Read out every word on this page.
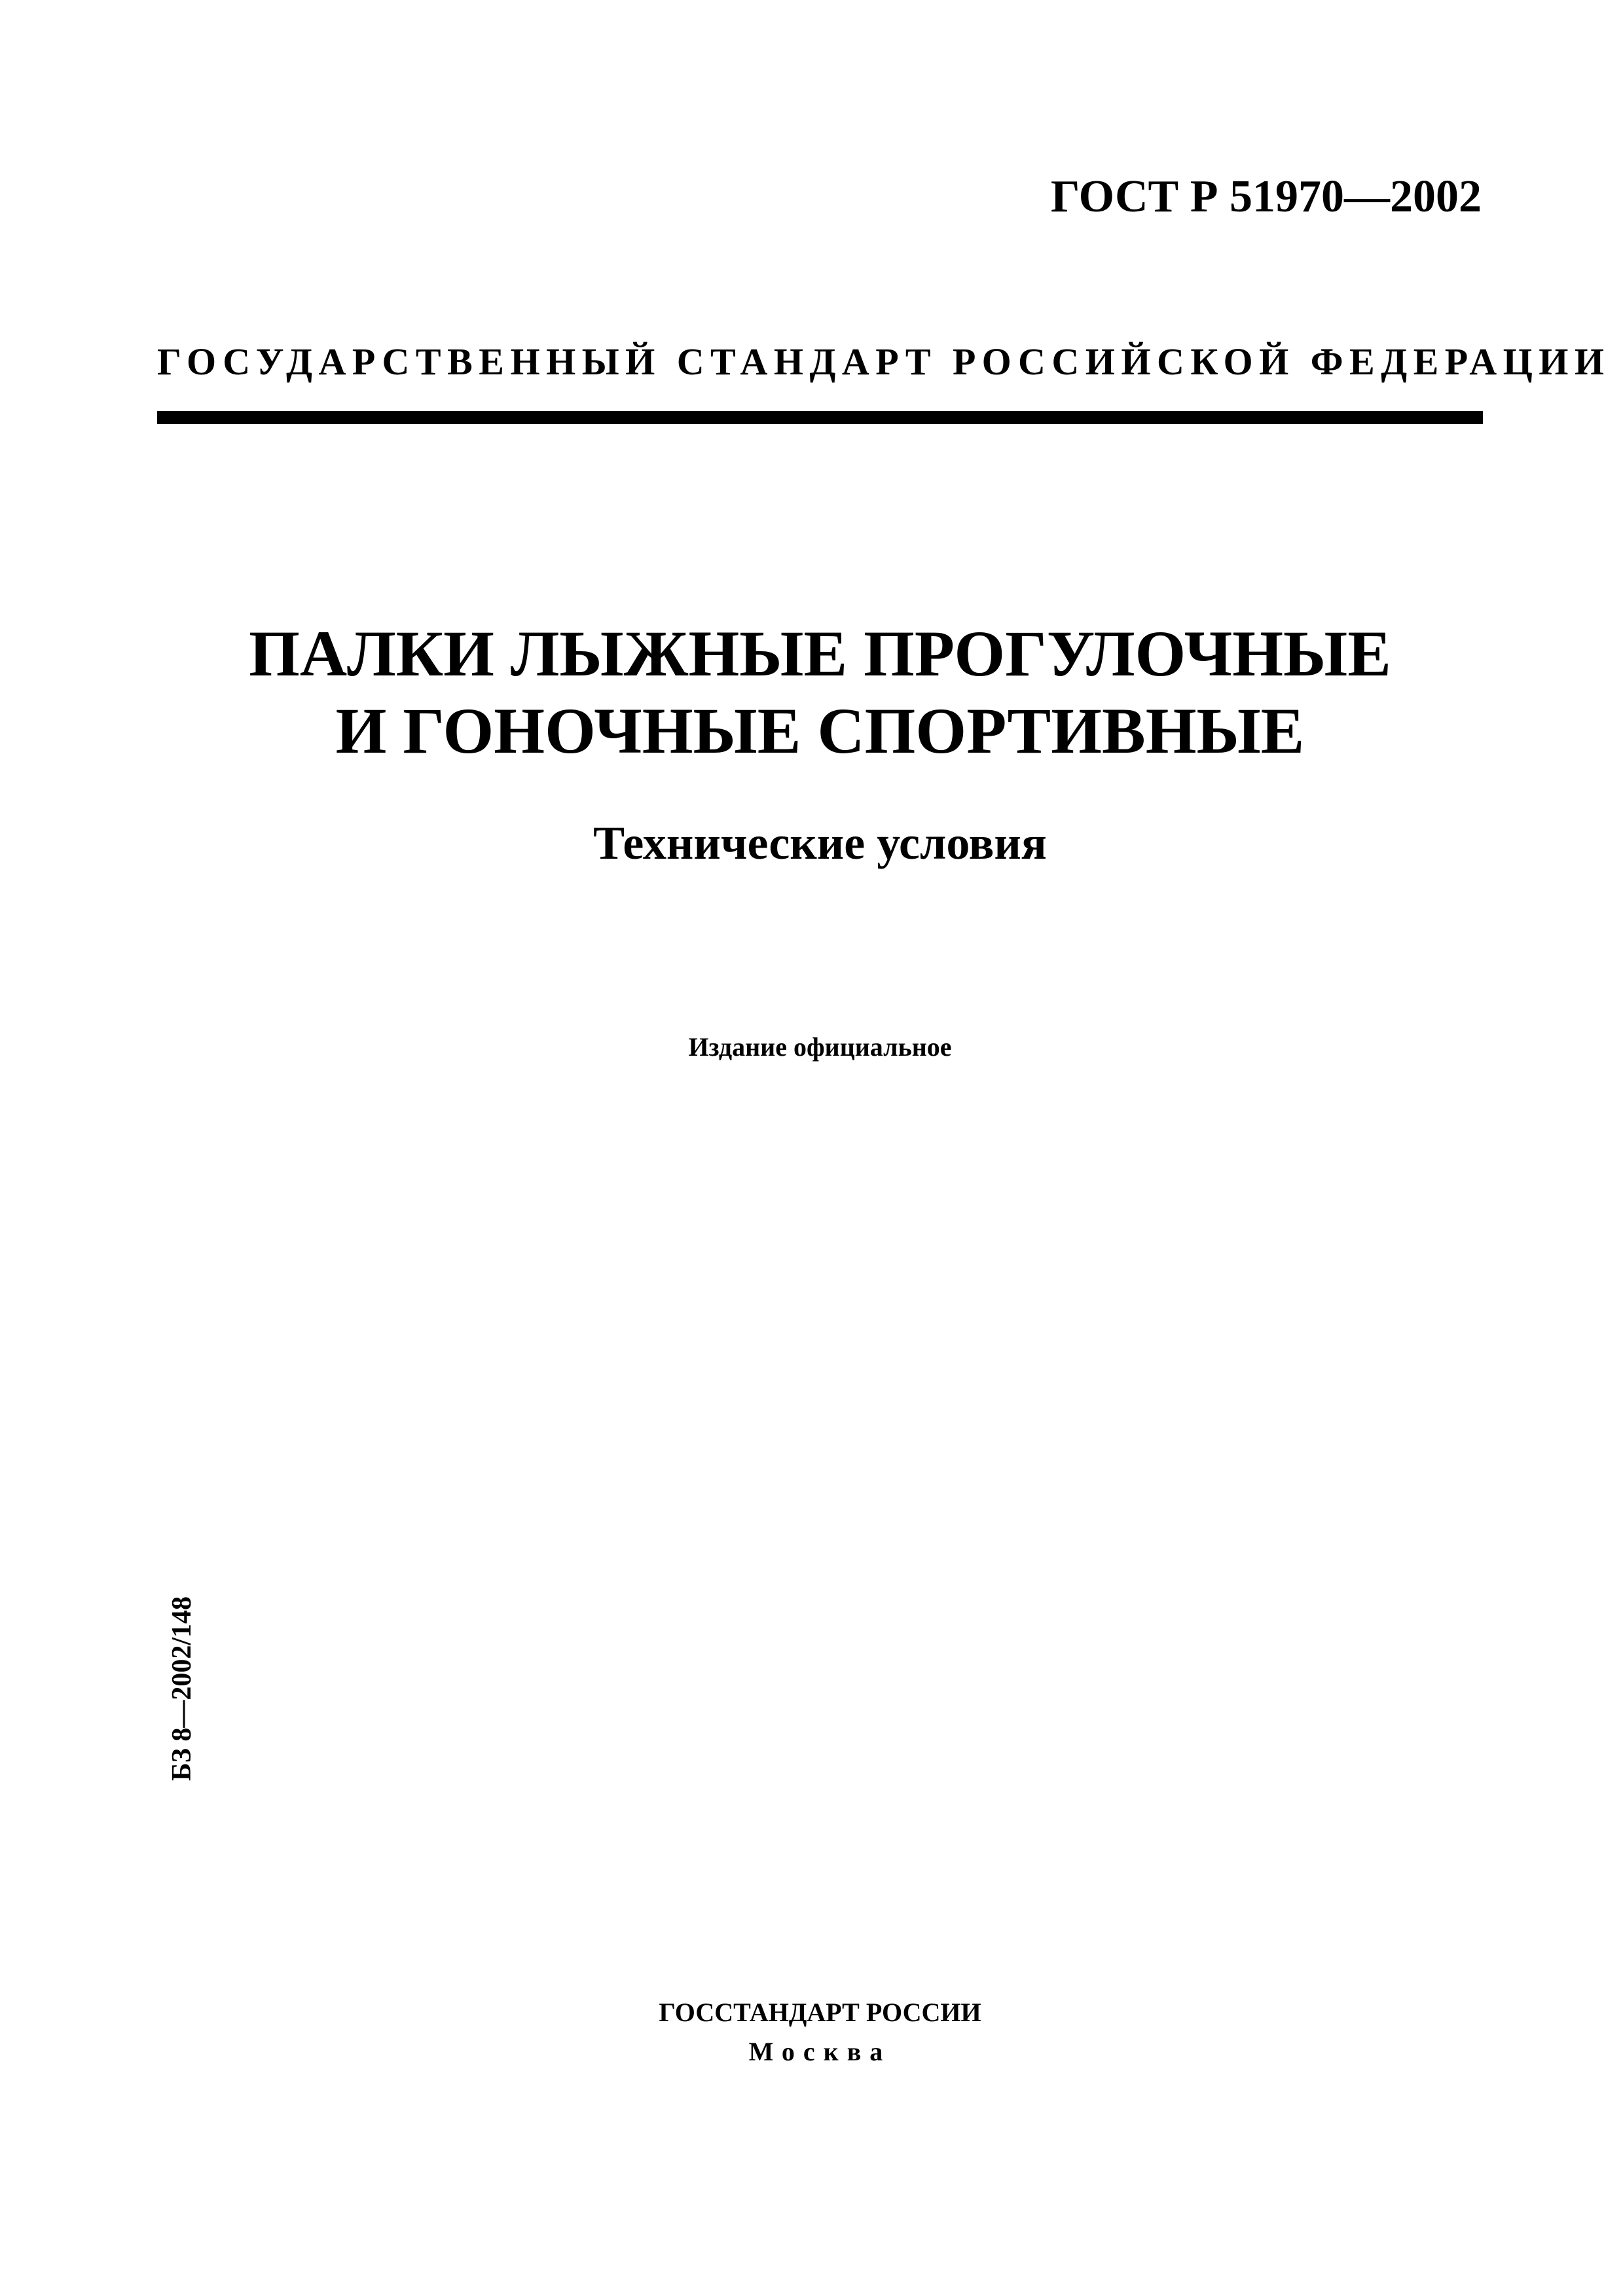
ГОСТ Р 51970—2002
ГОСУДАРСТВЕННЫЙ СТАНДАРТ РОССИЙСКОЙ ФЕДЕРАЦИИ
ПАЛКИ ЛЫЖНЫЕ ПРОГУЛОЧНЫЕ
И ГОНОЧНЫЕ СПОРТИВНЫЕ
Технические условия
Издание официальное
БЗ 8—2002/148
ГОССТАНДАРТ РОССИИ
Москва
